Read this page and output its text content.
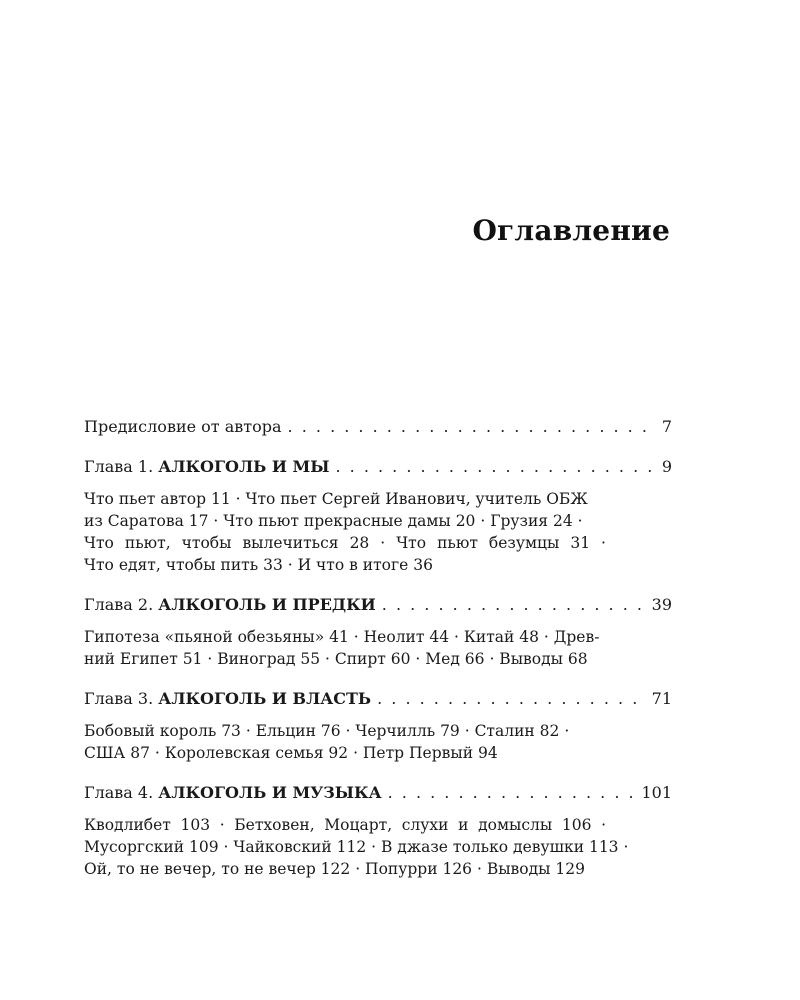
Оглавление
Предисловие от автора . . .	7
Глава 1. АЛКОГОЛЬ И МЫ . . .	9
Что пьет автор 11 · Что пьет Сергей Иванович, учитель ОБЖ
из Саратова 17 · Что пьют прекрасные дамы 20 · Грузия 24 ·
Что пьют, чтобы вылечиться 28 · Что пьют безумцы 31 ·
Что едят, чтобы пить 33 · И что в итоге 36
Глава 2. АЛКОГОЛЬ И ПРЕДКИ . . .	39
Гипотеза «пьяной обезьяны» 41 · Неолит 44 · Китай 48 · Древ-
ний Египет 51 · Виноград 55 · Спирт 60 · Мед 66 · Выводы 68
Глава 3. АЛКОГОЛЬ И ВЛАСТЬ . . .	71
Бобовый король 73 · Ельцин 76 · Черчилль 79 · Сталин 82 ·
США 87 · Королевская семья 92 · Петр Первый 94
Глава 4. АЛКОГОЛЬ И МУЗЫКА . . .	101
Кводлибет 103 · Бетховен, Моцарт, слухи и домыслы 106 ·
Мусоргский 109 · Чайковский 112 · В джазе только девушки 113 ·
Ой, то не вечер, то не вечер 122 · Попурри 126 · Выводы 129
